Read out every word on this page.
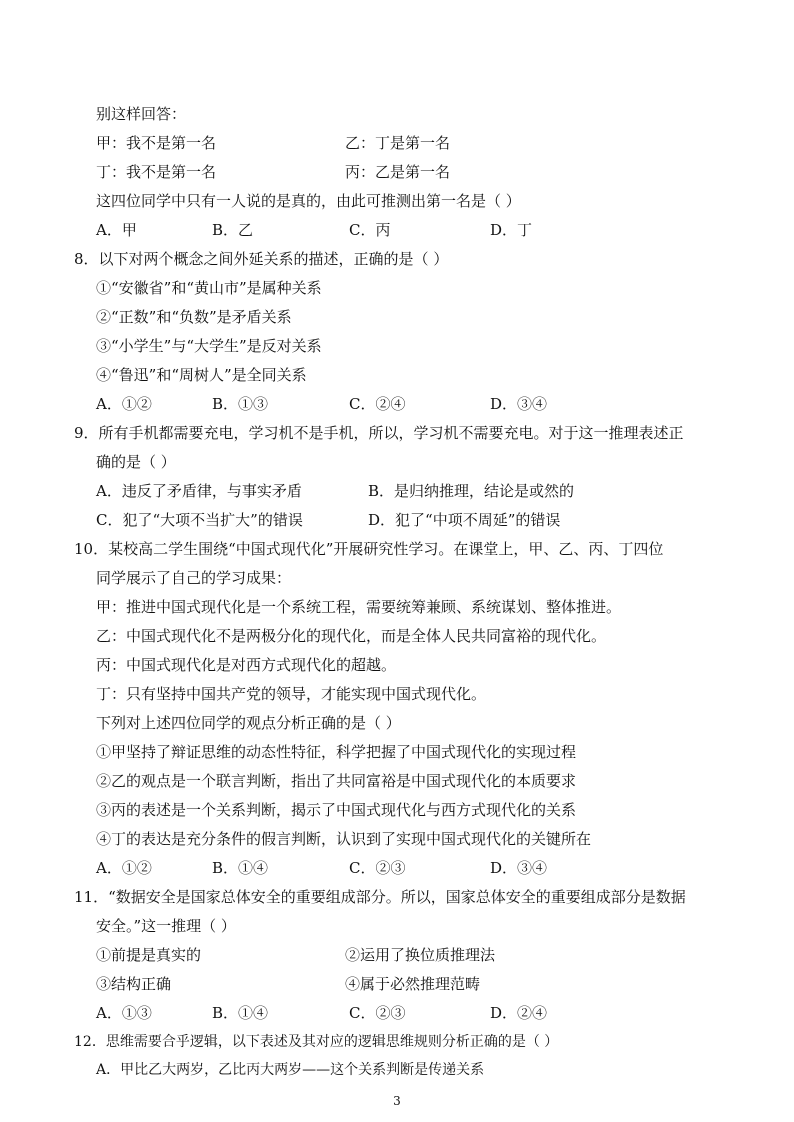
别这样回答：
甲：我不是第一名	乙：丁是第一名
丁：我不是第一名	丙：乙是第一名
这四位同学中只有一人说的是真的，由此可推测出第一名是（ ）
A．甲	B．乙	C．丙	D．丁
8．以下对两个概念之间外延关系的描述，正确的是（ ）
①“安徽省”和“黄山市”是属种关系
②“正数”和“负数”是矛盾关系
③“小学生”与“大学生”是反对关系
④“鲁迅”和“周树人”是全同关系
A．①②	B．①③	C．②④	D．③④
9．所有手机都需要充电，学习机不是手机，所以，学习机不需要充电。对于这一推理表述正
确的是（ ）
A．违反了矛盾律，与事实矛盾	B．是归纳推理，结论是或然的
C．犯了“大项不当扩大”的错误	D．犯了“中项不周延”的错误
10．某校高二学生围绕“中国式现代化”开展研究性学习。在课堂上，甲、乙、丙、丁四位
同学展示了自己的学习成果：
甲：推进中国式现代化是一个系统工程，需要统筹兼顾、系统谋划、整体推进。
乙：中国式现代化不是两极分化的现代化，而是全体人民共同富裕的现代化。
丙：中国式现代化是对西方式现代化的超越。
丁：只有坚持中国共产党的领导，才能实现中国式现代化。
下列对上述四位同学的观点分析正确的是（ ）
①甲坚持了辩证思维的动态性特征，科学把握了中国式现代化的实现过程
②乙的观点是一个联言判断，指出了共同富裕是中国式现代化的本质要求
③丙的表述是一个关系判断，揭示了中国式现代化与西方式现代化的关系
④丁的表达是充分条件的假言判断，认识到了实现中国式现代化的关键所在
A．①②	B．①④	C．②③	D．③④
11．“数据安全是国家总体安全的重要组成部分。所以，国家总体安全的重要组成部分是数据
安全。”这一推理（ ）
①前提是真实的	②运用了换位质推理法
③结构正确	④属于必然推理范畴
A．①③	B．①④	C．②③	D．②④
12．思维需要合乎逻辑，以下表述及其对应的逻辑思维规则分析正确的是（ ）
A．甲比乙大两岁，乙比丙大两岁——这个关系判断是传递关系
3
